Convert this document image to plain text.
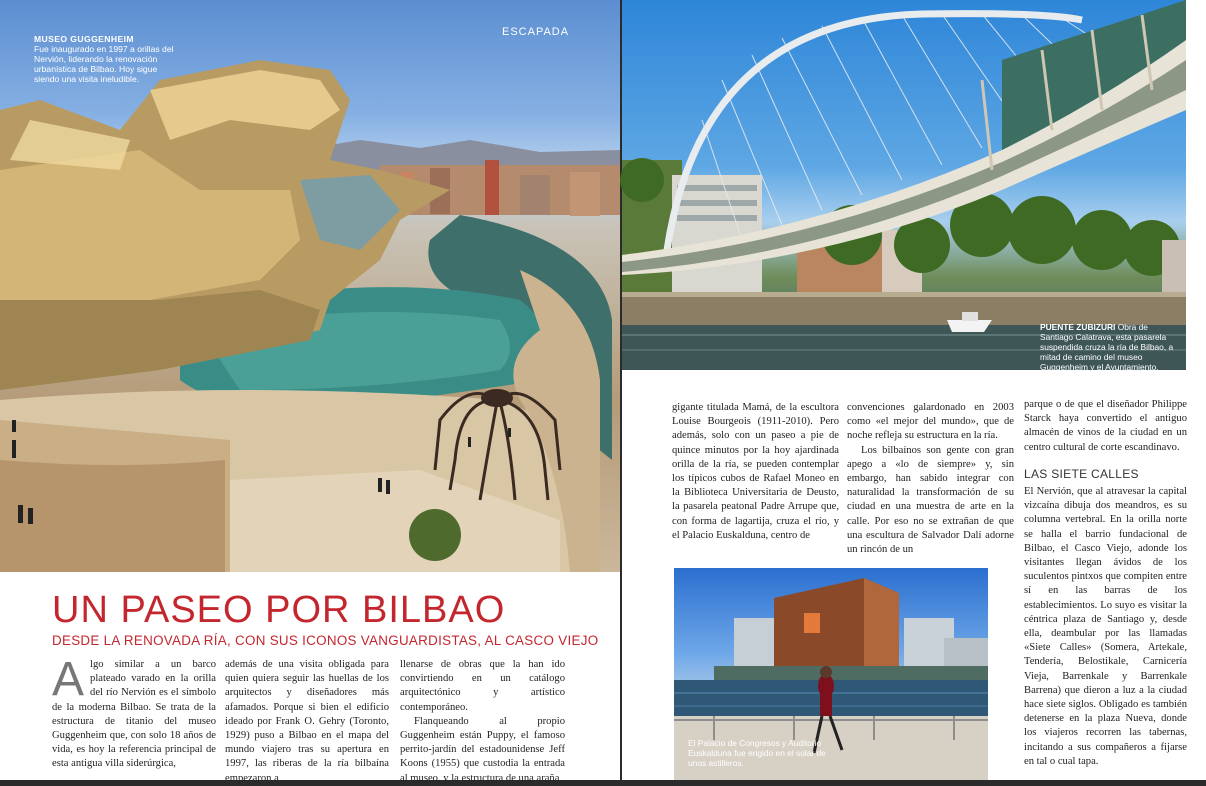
ESCAPADA
MUSEO GUGGENHEIM
Fue inaugurado en 1997 a orillas del Nervión, liderando la renovación urbanística de Bilbao. Hoy sigue siendo una visita ineludible.
UN PASEO POR BILBAO
DESDE LA RENOVADA RÍA, CON SUS ICONOS VANGUARDISTAS, AL CASCO VIEJO

Algo similar a un barco plateado varado en la orilla del río Nervión es el símbolo de la moderna Bilbao. Se trata de la estructura de titanio del museo Guggenheim que, con solo 18 años de vida, es hoy la referencia principal de esta antigua villa siderúrgica,

además de una visita obligada para quien quiera seguir las huellas de los arquitectos y diseñadores más afamados. Porque si bien el edificio ideado por Frank O. Gehry (Toronto, 1929) puso a Bilbao en el mapa del mundo viajero tras su apertura en 1997, las riberas de la ría bilbaína empezaron a

llenarse de obras que la han ido convirtiendo en un catálogo arquitectónico y artístico contemporáneo.

Flanqueando al propio Guggenheim están Puppy, el famoso perrito-jardín del estadounidense Jeff Koons (1955) que custodia la entrada al museo, y la estructura de una araña

PUENTE ZUBIZURI Obra de Santiago Calatrava, esta pasarela suspendida cruza la ría de Bilbao, a mitad de camino del museo Guggenheim y el Ayuntamiento.

gigante titulada Mamá, de la escultora Louise Bourgeois (1911-2010). Pero además, solo con un paseo a pie de quince minutos por la hoy ajardinada orilla de la ría, se pueden contemplar los típicos cubos de Rafael Moneo en la Biblioteca Universitaria de Deusto, la pasarela peatonal Padre Arrupe que, con forma de lagartija, cruza el río, y el Palacio Euskalduna, centro de

convenciones galardonado en 2003 como «el mejor del mundo», que de noche refleja su estructura en la ría.

Los bilbaínos son gente con gran apego a «lo de siempre» y, sin embargo, han sabido integrar con naturalidad la transformación de su ciudad en una muestra de arte en la calle. Por eso no se extrañan de que una escultura de Salvador Dalí adorne un rincón de un

parque o de que el diseñador Philippe Starck haya convertido el antiguo almacén de vinos de la ciudad en un centro cultural de corte escandinavo.

LAS SIETE CALLES

El Nervión, que al atravesar la capital vizcaína dibuja dos meandros, es su columna vertebral. En la orilla norte se halla el barrio fundacional de Bilbao, el Casco Viejo, adonde los visitantes llegan ávidos de los suculentos pintxos que compiten entre sí en las barras de los establecimientos. Lo suyo es visitar la céntrica plaza de Santiago y, desde ella, deambular por las llamadas «Siete Calles» (Somera, Artekale, Tendería, Belostikale, Carnicería Vieja, Barrenkale y Barrenkale Barrena) que dieron a luz a la ciudad hace siete siglos. Obligado es también detenerse en la plaza Nueva, donde los viajeros recorren las tabernas, incitando a sus compañeros a fijarse en tal o cual tapa.

El Palacio de Congresos y Auditorio Euskalduna fue erigido en el solar de unos astilleros.
